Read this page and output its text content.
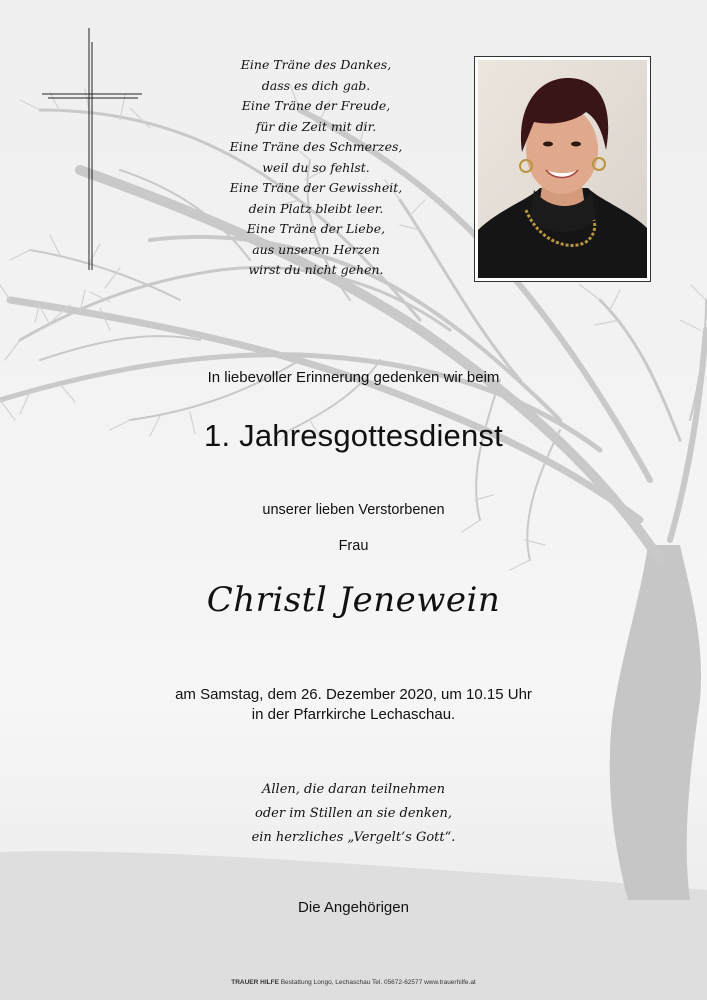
Eine Träne des Dankes,
dass es dich gab.
Eine Träne der Freude,
für die Zeit mit dir.
Eine Träne des Schmerzes,
weil du so fehlst.
Eine Träne der Gewissheit,
dein Platz bleibt leer.
Eine Träne der Liebe,
aus unseren Herzen
wirst du nicht gehen.
In liebevoller Erinnerung gedenken wir beim
1. Jahresgottesdienst
unserer lieben Verstorbenen
Frau
Christl Jenewein
am Samstag, dem 26. Dezember 2020, um 10.15 Uhr
in der Pfarrkirche Lechaschau.
Allen, die daran teilnehmen
oder im Stillen an sie denken,
ein herzliches „Vergelt‘s Gott“.
Die Angehörigen
TRAUER HILFE Bestattung Longo, Lechaschau Tel. 05672-62577 www.trauerhilfe.at
